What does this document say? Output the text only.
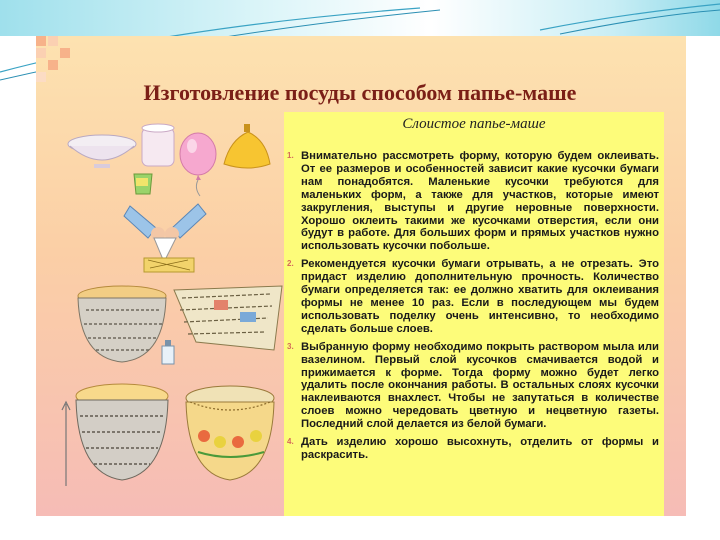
Изготовление посуды способом папье-маше
Слоистое папье-маше
1. Внимательно рассмотреть форму, которую будем оклеивать. От ее размеров и особенностей зависит какие кусочки бумаги нам понадобятся. Маленькие кусочки требуются для маленьких форм, а также для участков, которые имеют закругления, выступы и другие неровные поверхности. Хорошо оклеить такими же кусочками отверстия, если они будут в работе. Для больших форм и прямых участков нужно использовать кусочки побольше.
2. Рекомендуется кусочки бумаги отрывать, а не отрезать. Это придаст изделию дополнительную прочность. Количество бумаги определяется так: ее должно хватить для оклеивания формы не менее 10 раз. Если в последующем мы будем использовать поделку очень интенсивно, то необходимо сделать больше слоев.
3. Выбранную форму необходимо покрыть раствором мыла или вазелином. Первый слой кусочков смачивается водой и прижимается к форме. Тогда форму можно будет легко удалить после окончания работы. В остальных слоях кусочки наклеиваются внахлест. Чтобы не запутаться в количестве слоев можно чередовать цветную и нецветную газеты. Последний слой делается из белой бумаги.
4. Дать изделию хорошо высохнуть, отделить от формы и раскрасить.
